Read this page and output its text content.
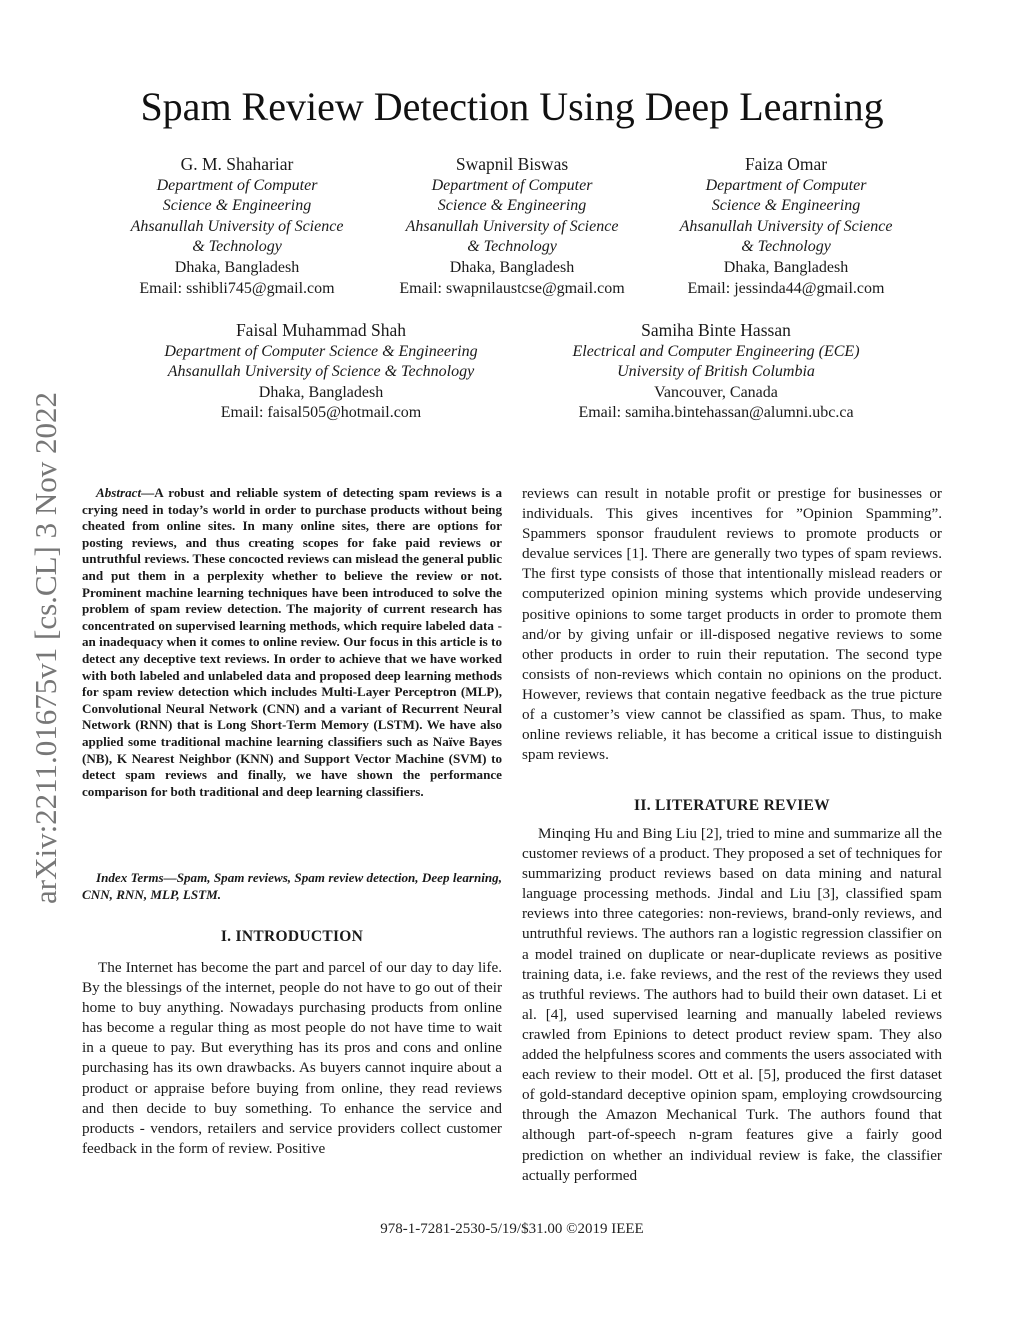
Spam Review Detection Using Deep Learning
G. M. Shahariar
Department of Computer
Science & Engineering
Ahsanullah University of Science
& Technology
Dhaka, Bangladesh
Email: sshibli745@gmail.com
Swapnil Biswas
Department of Computer
Science & Engineering
Ahsanullah University of Science
& Technology
Dhaka, Bangladesh
Email: swapnilaustcse@gmail.com
Faiza Omar
Department of Computer
Science & Engineering
Ahsanullah University of Science
& Technology
Dhaka, Bangladesh
Email: jessinda44@gmail.com
Faisal Muhammad Shah
Department of Computer Science & Engineering
Ahsanullah University of Science & Technology
Dhaka, Bangladesh
Email: faisal505@hotmail.com
Samiha Binte Hassan
Electrical and Computer Engineering (ECE)
University of British Columbia
Vancouver, Canada
Email: samiha.bintehassan@alumni.ubc.ca
arXiv:2211.01675v1 [cs.CL] 3 Nov 2022	Abstract—A robust and reliable system of detecting spam reviews is a crying need in today’s world in order to purchase products without being cheated from online sites. In many online sites, there are options for posting reviews, and thus creating scopes for fake paid reviews or untruthful reviews. These concocted reviews can mislead the general public and put them in a perplexity whether to believe the review or not. Prominent machine learning techniques have been introduced to solve the problem of spam review detection. The majority of current research has concentrated on supervised learning methods, which require labeled data - an inadequacy when it comes to online review. Our focus in this article is to detect any deceptive text reviews. In order to achieve that we have worked with both labeled and unlabeled data and proposed deep learning methods for spam review detection which includes Multi-Layer Perceptron (MLP), Convolutional Neural Network (CNN) and a variant of Recurrent Neural Network (RNN) that is Long Short-Term Memory (LSTM). We have also applied some traditional machine learning classifiers such as Naïve Bayes (NB), K Nearest Neighbor (KNN) and Support Vector Machine (SVM) to detect spam reviews and finally, we have shown the performance comparison for both traditional and deep learning classifiers.

Index Terms—Spam, Spam reviews, Spam review detection, Deep learning, CNN, RNN, MLP, LSTM.

I. INTRODUCTION

The Internet has become the part and parcel of our day to day life. By the blessings of the internet, people do not have to go out of their home to buy anything. Nowadays purchasing products from online has become a regular thing as most people do not have time to wait in a queue to pay. But everything has its pros and cons and online purchasing has its own drawbacks. As buyers cannot inquire about a product or appraise before buying from online, they read reviews and then decide to buy something. To enhance the service and products - vendors, retailers and service providers collect customer feedback in the form of review. Positive

reviews can result in notable profit or prestige for businesses or individuals. This gives incentives for ”Opinion Spamming”. Spammers sponsor fraudulent reviews to promote products or devalue services [1]. There are generally two types of spam reviews. The first type consists of those that intentionally mislead readers or computerized opinion mining systems which provide undeserving positive opinions to some target products in order to promote them and/or by giving unfair or ill-disposed negative reviews to some other products in order to ruin their reputation. The second type consists of non-reviews which contain no opinions on the product. However, reviews that contain negative feedback as the true picture of a customer’s view cannot be classified as spam. Thus, to make online reviews reliable, it has become a critical issue to distinguish spam reviews.

II. LITERATURE REVIEW

Minqing Hu and Bing Liu [2], tried to mine and summarize all the customer reviews of a product. They proposed a set of techniques for summarizing product reviews based on data mining and natural language processing methods. Jindal and Liu [3], classified spam reviews into three categories: non-reviews, brand-only reviews, and untruthful reviews. The authors ran a logistic regression classifier on a model trained on duplicate or near-duplicate reviews as positive training data, i.e. fake reviews, and the rest of the reviews they used as truthful reviews. The authors had to build their own dataset. Li et al. [4], used supervised learning and manually labeled reviews crawled from Epinions to detect product review spam. They also added the helpfulness scores and comments the users associated with each review to their model. Ott et al. [5], produced the first dataset of gold-standard deceptive opinion spam, employing crowdsourcing through the Amazon Mechanical Turk. The authors found that although part-of-speech n-gram features give a fairly good prediction on whether an individual review is fake, the classifier actually performed

978-1-7281-2530-5/19/$31.00 ©2019 IEEE
